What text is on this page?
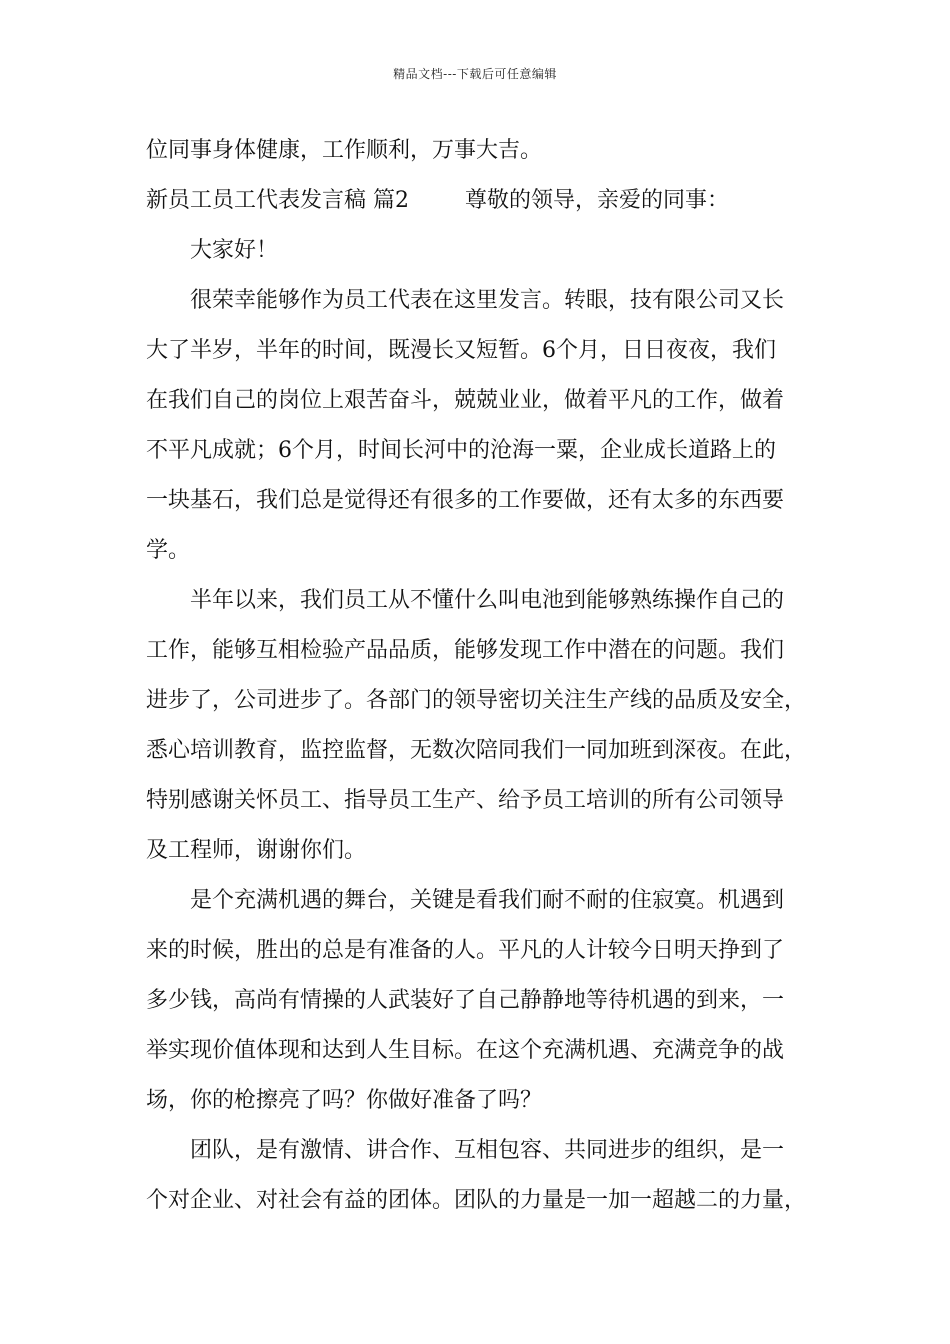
精品文档---下载后可任意编辑
位同事身体健康，工作顺利，万事大吉。
新员工员工代表发言稿 篇2	尊敬的领导，亲爱的同事：
大家好！
很荣幸能够作为员工代表在这里发言。转眼，技有限公司又长
大了半岁，半年的时间，既漫长又短暂。6个月，日日夜夜，我们
在我们自己的岗位上艰苦奋斗，兢兢业业，做着平凡的工作，做着
不平凡成就；6个月，时间长河中的沧海一粟，企业成长道路上的
一块基石，我们总是觉得还有很多的工作要做，还有太多的东西要
学。
半年以来，我们员工从不懂什么叫电池到能够熟练操作自己的
工作，能够互相检验产品品质，能够发现工作中潜在的问题。我们
进步了，公司进步了。各部门的领导密切关注生产线的品质及安全，
悉心培训教育，监控监督，无数次陪同我们一同加班到深夜。在此，
特别感谢关怀员工、指导员工生产、给予员工培训的所有公司领导
及工程师，谢谢你们。
是个充满机遇的舞台，关键是看我们耐不耐的住寂寞。机遇到
来的时候，胜出的总是有准备的人。平凡的人计较今日明天挣到了
多少钱，高尚有情操的人武装好了自己静静地等待机遇的到来，一
举实现价值体现和达到人生目标。在这个充满机遇、充满竞争的战
场，你的枪擦亮了吗？你做好准备了吗？
团队，是有激情、讲合作、互相包容、共同进步的组织，是一
个对企业、对社会有益的团体。团队的力量是一加一超越二的力量，
